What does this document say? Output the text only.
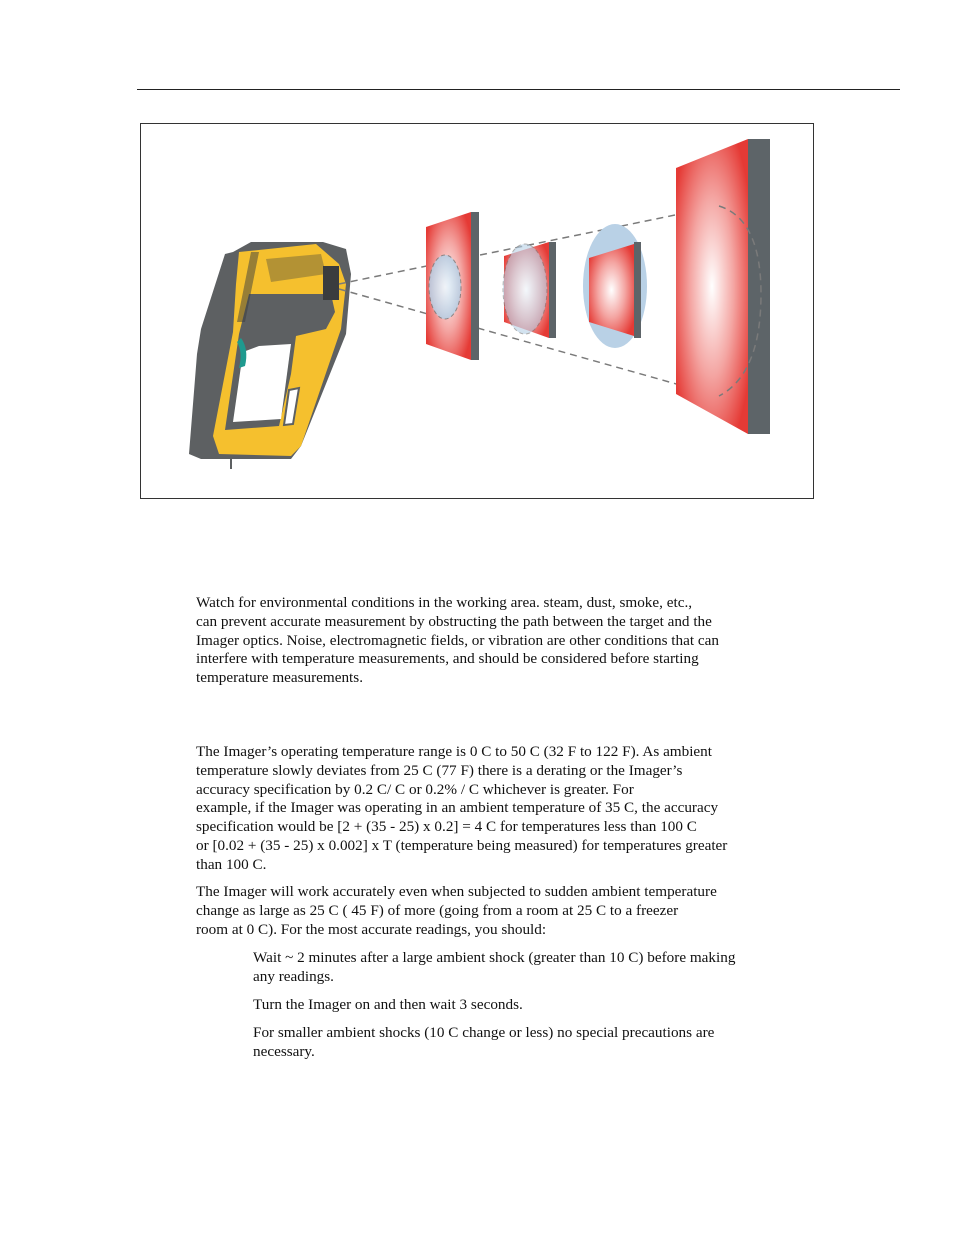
Watch for environmental conditions in the working area. steam, dust, smoke, etc.,
can prevent accurate measurement by obstructing the path between the target and the
Imager optics. Noise, electromagnetic fields, or vibration are other conditions that can
interfere with temperature measurements, and should be considered before starting
temperature measurements.

The Imager’s operating temperature range is 0 C to 50 C (32 F to 122 F). As ambient
temperature slowly deviates from 25 C (77 F) there is a derating or the Imager’s
accuracy specification by 0.2 C/ C or 0.2% / C whichever is greater. For
example, if the Imager was operating in an ambient temperature of 35 C, the accuracy
specification would be [2 + (35 - 25) x 0.2] = 4 C for temperatures less than 100 C
or [0.02 + (35 - 25) x 0.002] x T (temperature being measured) for temperatures greater
than 100 C.

The Imager will work accurately even when subjected to sudden ambient temperature
change as large as 25 C ( 45 F) of more (going from a room at 25 C to a freezer
room at 0 C). For the most accurate readings, you should:

Wait ~ 2 minutes after a large ambient shock (greater than 10 C) before making
any readings.

Turn the Imager on and then wait 3 seconds.

For smaller ambient shocks (10 C change or less) no special precautions are
necessary.
